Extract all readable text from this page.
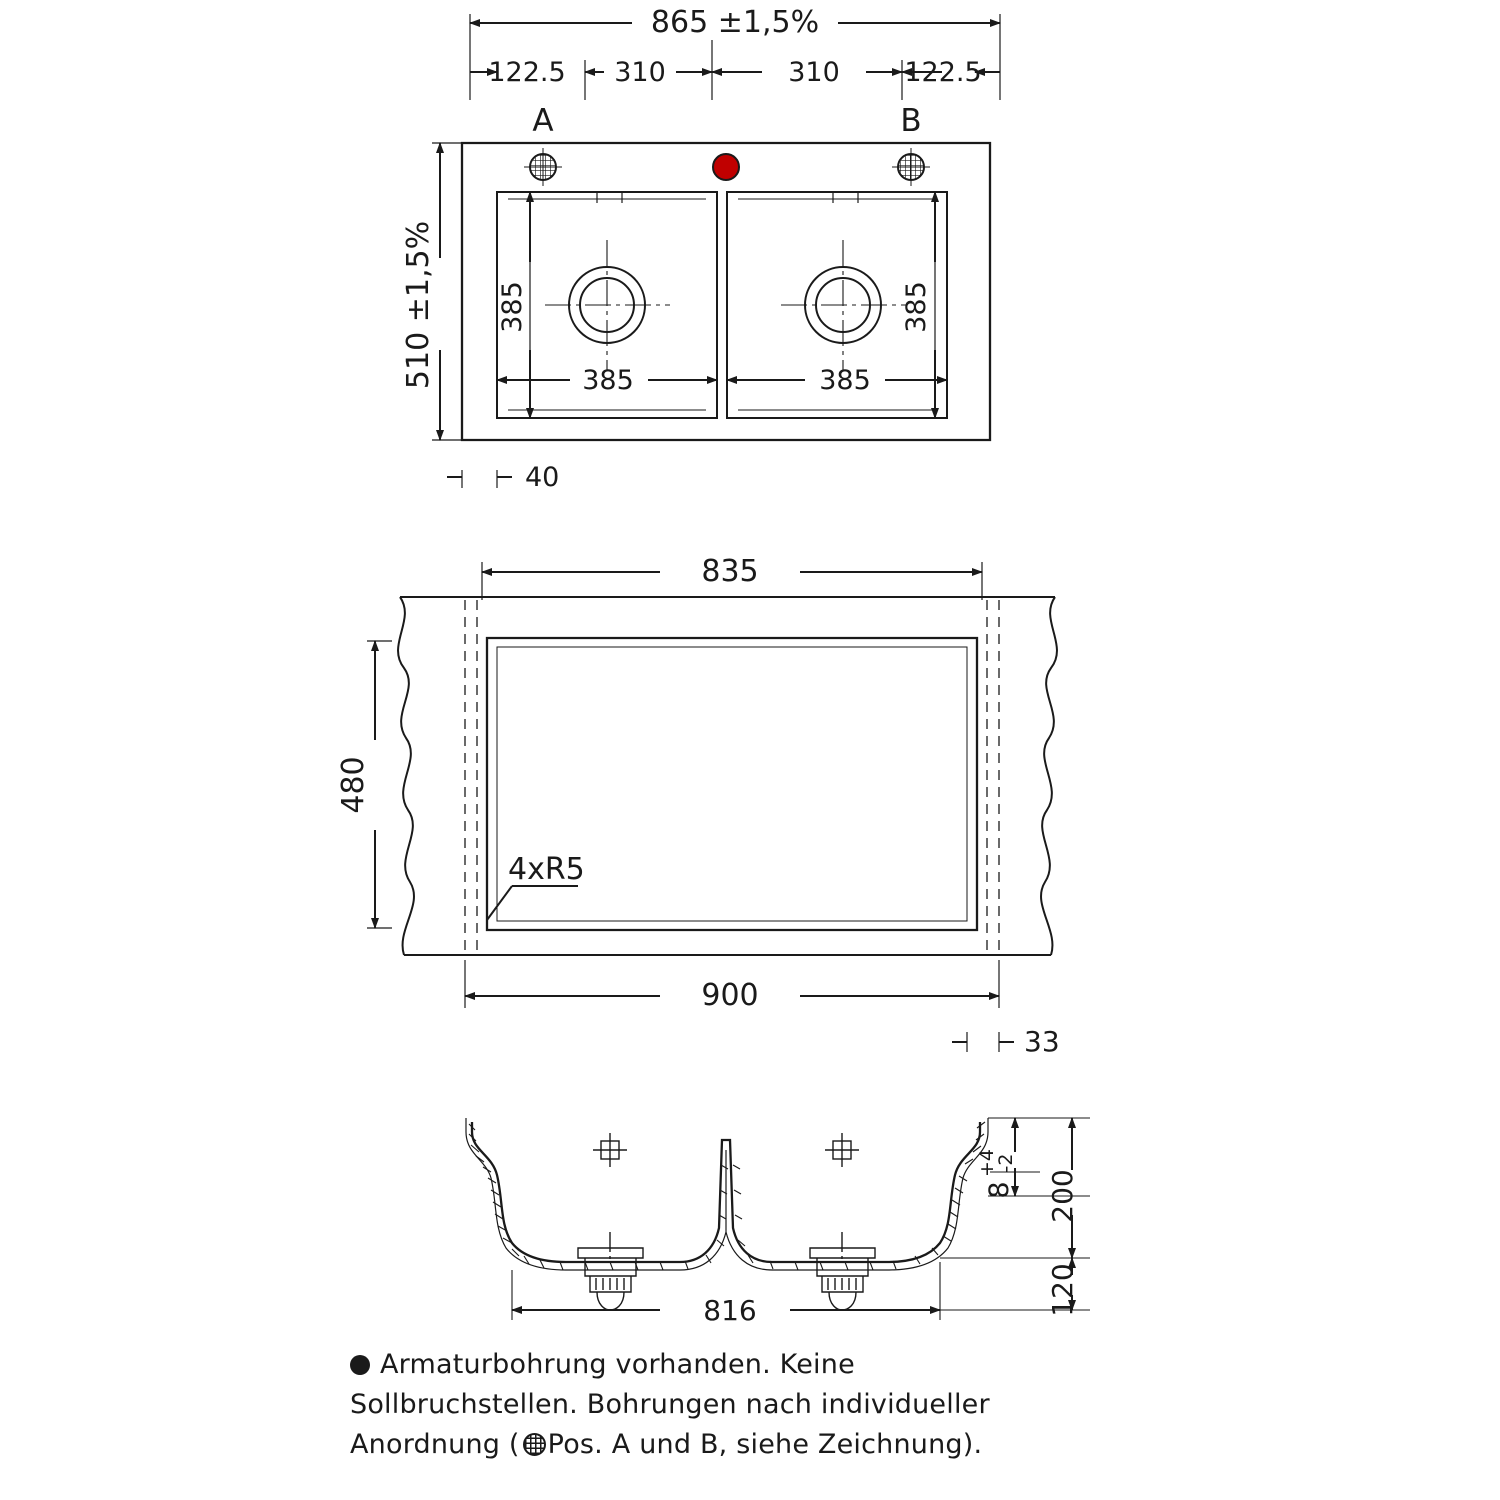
865 ±1,5%
122.5 310	310 122.5
A	B
510 ±1,5% 385	385
385	385
40
835
480
4xR5
900
33
200
120
8
+4
-2
816
Armaturbohrung vorhanden. Keine
Sollbruchstellen. Bohrungen nach individueller
Anordnung ( Pos. A und B, siehe Zeichnung).
